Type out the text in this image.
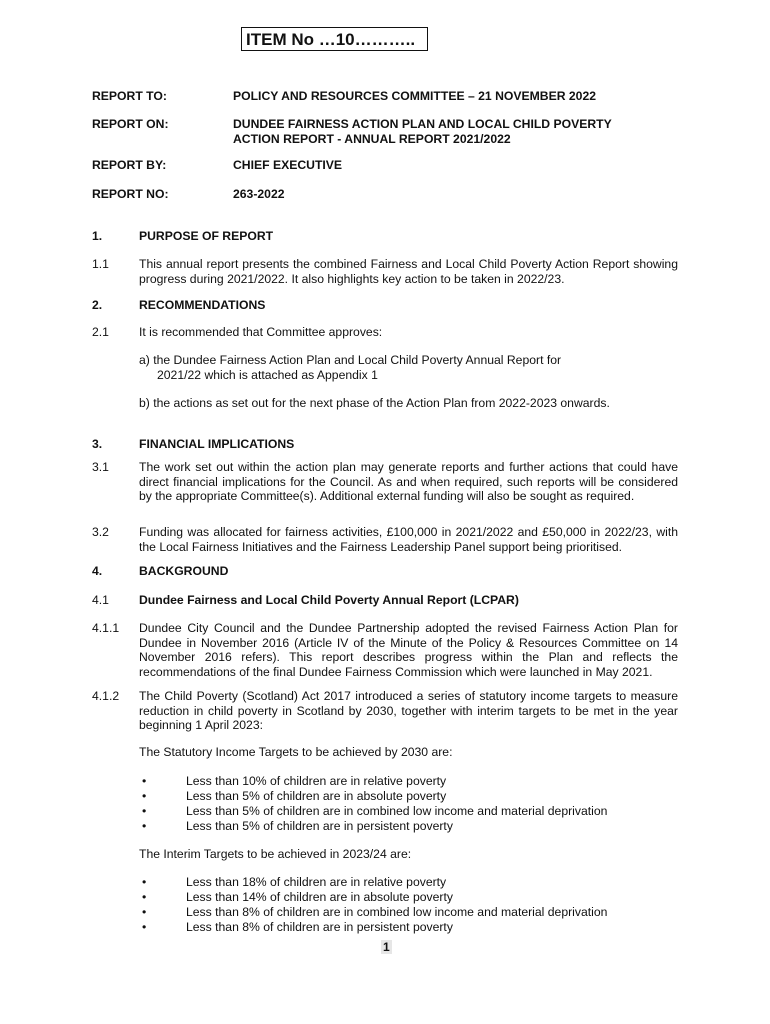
ITEM No …10………..
REPORT TO:	POLICY AND RESOURCES COMMITTEE – 21 NOVEMBER 2022
REPORT ON:	DUNDEE FAIRNESS ACTION PLAN AND LOCAL CHILD POVERTY
ACTION REPORT - ANNUAL REPORT 2021/2022
REPORT BY:	CHIEF EXECUTIVE
REPORT NO:	263-2022
1.	PURPOSE OF REPORT
1.1 This annual report presents the combined Fairness and Local Child Poverty Action Report showing progress during 2021/2022. It also highlights key action to be taken in 2022/23.
2.	RECOMMENDATIONS
2.1 It is recommended that Committee approves:
a) the Dundee Fairness Action Plan and Local Child Poverty Annual Report for
2021/22 which is attached as Appendix 1
b) the actions as set out for the next phase of the Action Plan from 2022-2023 onwards.
3.	FINANCIAL IMPLICATIONS
3.1 The work set out within the action plan may generate reports and further actions that could have direct financial implications for the Council. As and when required, such reports will be considered by the appropriate Committee(s). Additional external funding will also be sought as required.
3.2 Funding was allocated for fairness activities, £100,000 in 2021/2022 and £50,000 in 2022/23, with the Local Fairness Initiatives and the Fairness Leadership Panel support being prioritised.
4.	BACKGROUND
4.1 Dundee Fairness and Local Child Poverty Annual Report (LCPAR)
4.1.1 Dundee City Council and the Dundee Partnership adopted the revised Fairness Action Plan for Dundee in November 2016 (Article IV of the Minute of the Policy & Resources Committee on 14 November 2016 refers). This report describes progress within the Plan and reflects the recommendations of the final Dundee Fairness Commission which were launched in May 2021.
4.1.2 The Child Poverty (Scotland) Act 2017 introduced a series of statutory income targets to measure reduction in child poverty in Scotland by 2030, together with interim targets to be met in the year beginning 1 April 2023:
The Statutory Income Targets to be achieved by 2030 are:
•	Less than 10% of children are in relative poverty
•	Less than 5% of children are in absolute poverty
•	Less than 5% of children are in combined low income and material deprivation
•	Less than 5% of children are in persistent poverty
The Interim Targets to be achieved in 2023/24 are:
•	Less than 18% of children are in relative poverty
•	Less than 14% of children are in absolute poverty
•	Less than 8% of children are in combined low income and material deprivation
•	Less than 8% of children are in persistent poverty
1
